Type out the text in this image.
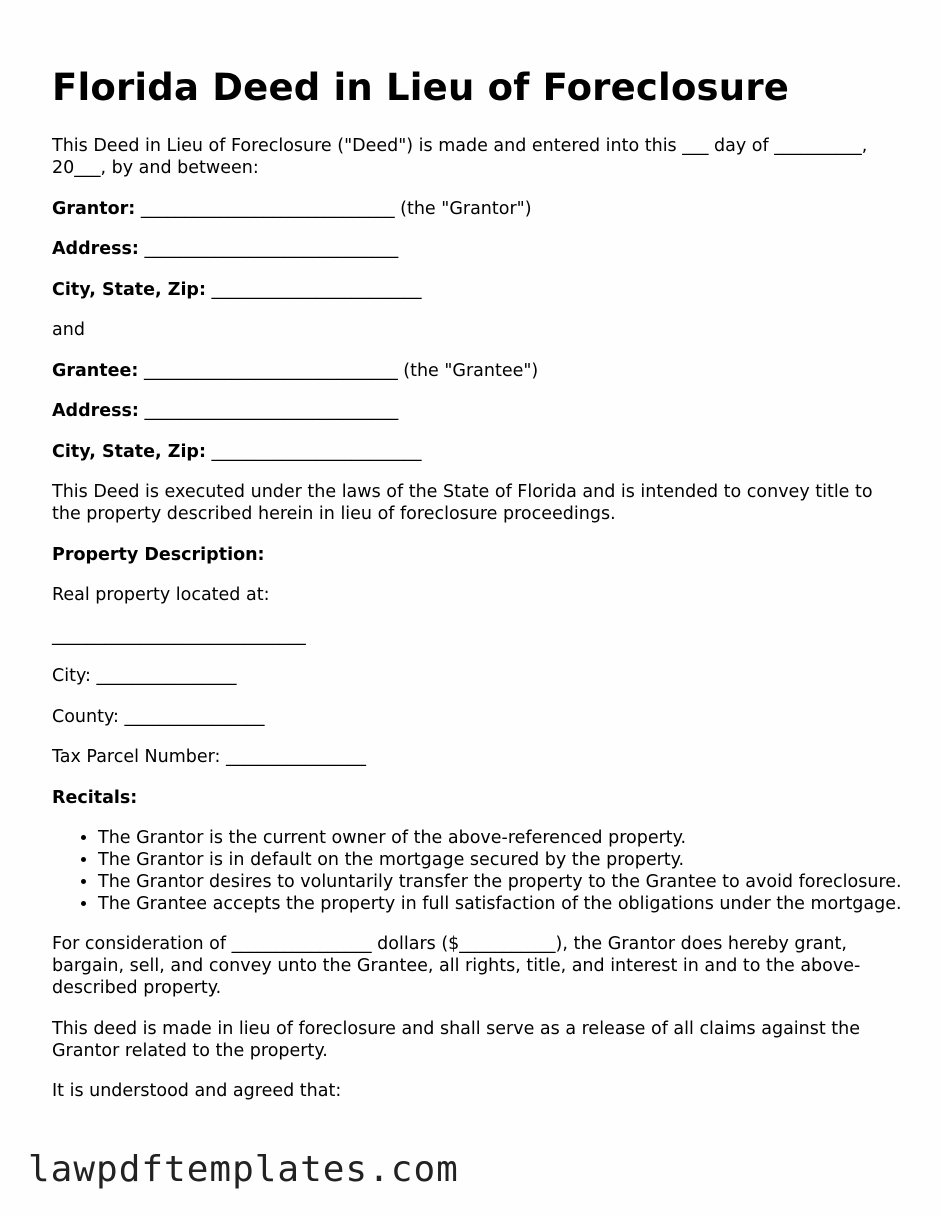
Florida Deed in Lieu of Foreclosure

This Deed in Lieu of Foreclosure ("Deed") is made and entered into this ___ day of __________, 20___, by and between:

Grantor: _____________________________ (the "Grantor")

Address: _____________________________

City, State, Zip: ________________________

and

Grantee: _____________________________ (the "Grantee")

Address: _____________________________

City, State, Zip: ________________________

This Deed is executed under the laws of the State of Florida and is intended to convey title to the property described herein in lieu of foreclosure proceedings.

Property Description:

Real property located at:

_____________________________

City: ________________

County: ________________

Tax Parcel Number: ________________

Recitals:

• The Grantor is the current owner of the above-referenced property.
• The Grantor is in default on the mortgage secured by the property.
• The Grantor desires to voluntarily transfer the property to the Grantee to avoid foreclosure.
• The Grantee accepts the property in full satisfaction of the obligations under the mortgage.

For consideration of ________________ dollars ($___________), the Grantor does hereby grant, bargain, sell, and convey unto the Grantee, all rights, title, and interest in and to the above-described property.

This deed is made in lieu of foreclosure and shall serve as a release of all claims against the Grantor related to the property.

It is understood and agreed that:

lawpdftemplates.com
